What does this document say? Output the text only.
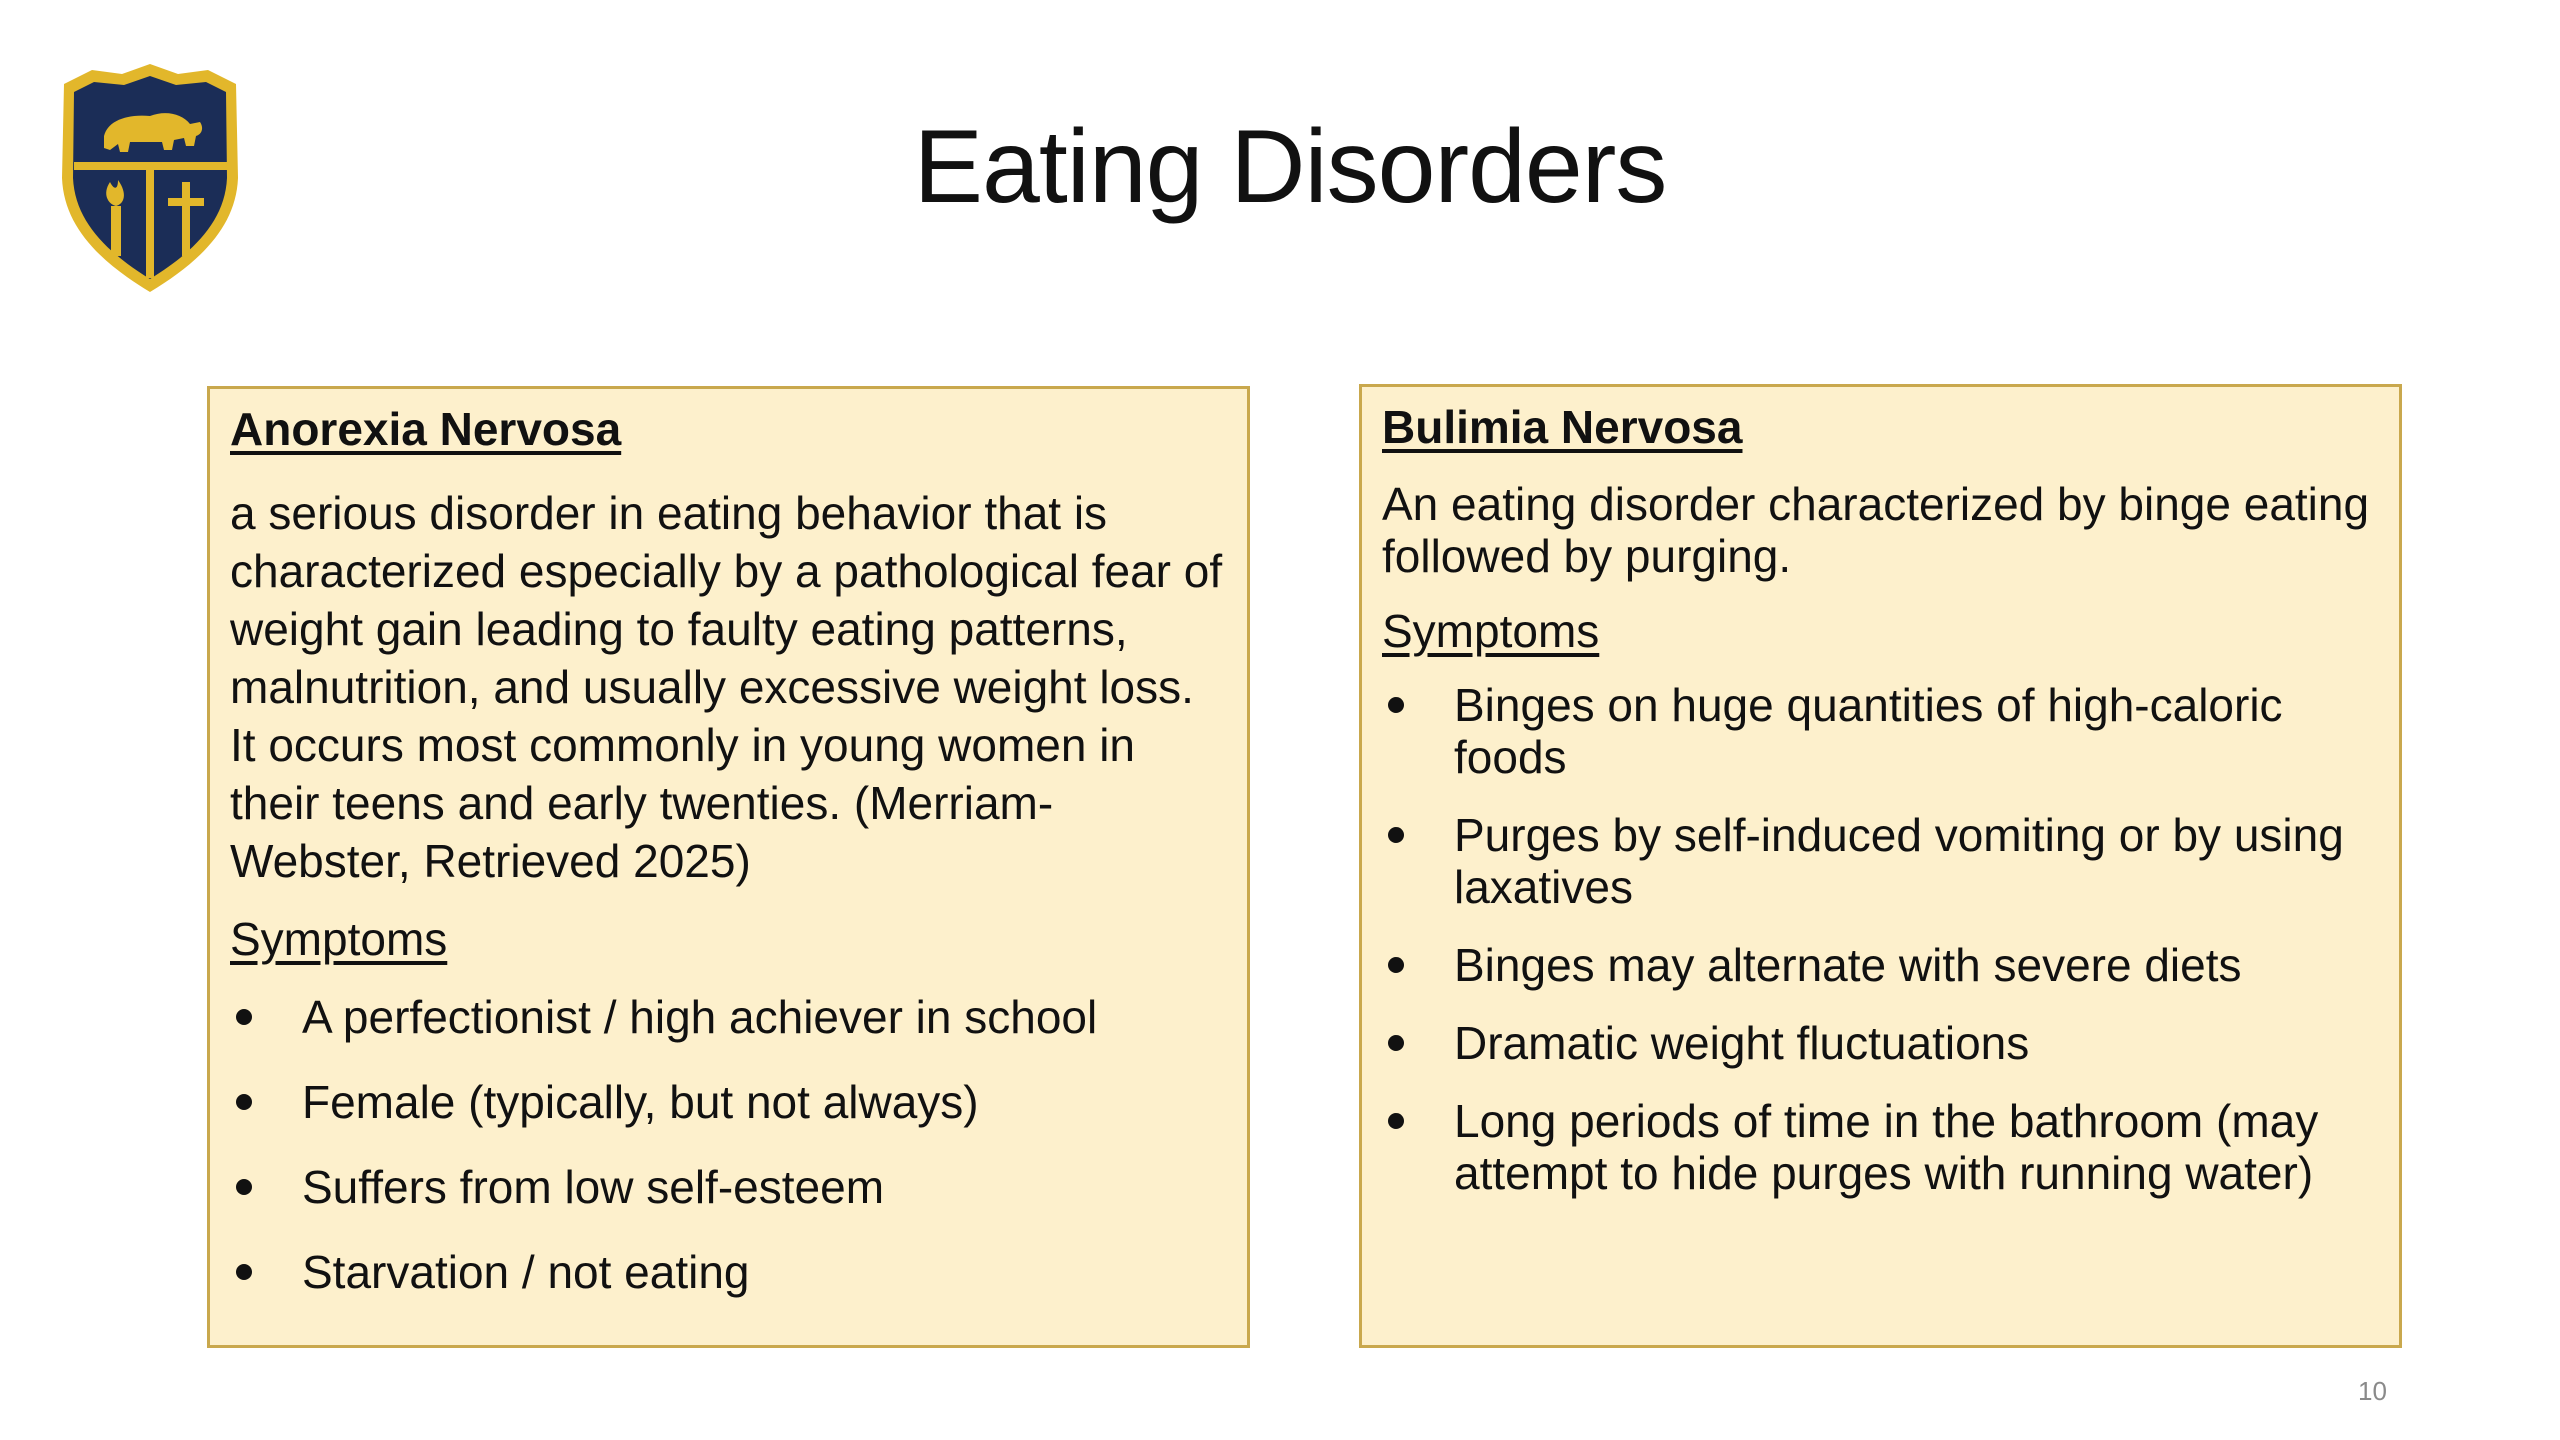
Eating Disorders
Anorexia Nervosa
a serious disorder in eating behavior that is characterized especially by a pathological fear of weight gain leading to faulty eating patterns, malnutrition, and usually excessive weight loss. It occurs most commonly in young women in their teens and early twenties. (Merriam-Webster, Retrieved 2025)
Symptoms
A perfectionist / high achiever in school
Female (typically, but not always)
Suffers from low self-esteem
Starvation / not eating
Bulimia Nervosa
An eating disorder characterized by binge eating followed by purging.
Symptoms
Binges on huge quantities of high-caloric foods
Purges by self-induced vomiting or by using laxatives
Binges may alternate with severe diets
Dramatic weight fluctuations
Long periods of time in the bathroom (may attempt to hide purges with running water)
10
